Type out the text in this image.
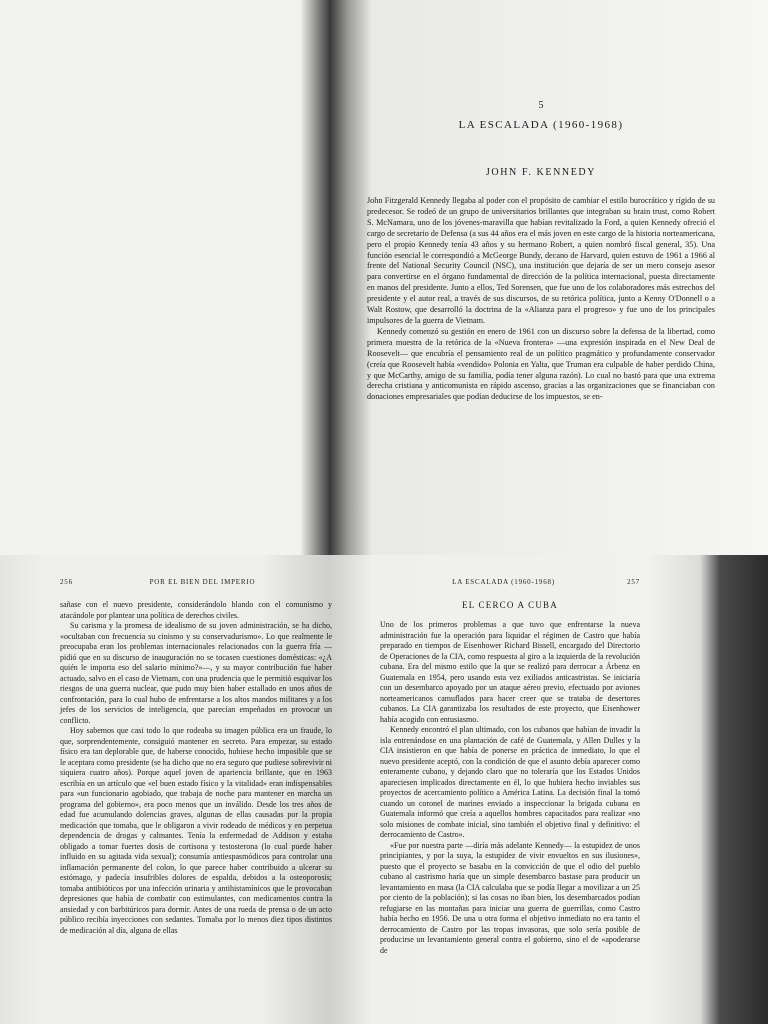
5
LA ESCALADA (1960-1968)
JOHN F. KENNEDY

John Fitzgerald Kennedy llegaba al poder con el propósito de cambiar el estilo burocrático y rígido de su predecesor. Se rodeó de un grupo de universitarios brillantes que integraban su brain trust, como Robert S. McNamara, uno de los jóvenes-maravilla que habían revitalizado la Ford, a quien Kennedy ofreció el cargo de secretario de Defensa (a sus 44 años era el más joven en este cargo de la historia norteamericana, pero el propio Kennedy tenía 43 años y su hermano Robert, a quien nombró fiscal general, 35). Una función esencial le correspondió a McGeorge Bundy, decano de Harvard, quien estuvo de 1961 a 1966 al frente del National Security Council (NSC), una institución que dejaría de ser un mero consejo asesor para convertirse en el órgano fundamental de dirección de la política internacional, puesta directamente en manos del presidente. Junto a ellos, Ted Sorensen, que fue uno de los colaboradores más estrechos del presidente y el autor real, a través de sus discursos, de su retórica política, junto a Kenny O'Donnell o a Walt Rostow, que desarrolló la doctrina de la «Alianza para el progreso» y fue uno de los principales impulsores de la guerra de Vietnam.

Kennedy comenzó su gestión en enero de 1961 con un discurso sobre la defensa de la libertad, como primera muestra de la retórica de la «Nueva frontera» —una expresión inspirada en el New Deal de Roosevelt— que encubría el pensamiento real de un político pragmático y profundamente conservador (creía que Roosevelt había «vendido» Polonia en Yalta, que Truman era culpable de haber perdido China, y que McCarthy, amigo de su familia, podía tener alguna razón). Lo cual no bastó para que una extrema derecha cristiana y anticomunista en rápido ascenso, gracias a las organizaciones que se financiaban con donaciones empresariales que podían deducirse de los impuestos, se en-

256	POR EL BIEN DEL IMPERIO

sañase con el nuevo presidente, considerándolo blando con el comunismo y atacándole por plantear una política de derechos civiles.

Su carisma y la promesa de idealismo de su joven administración, se ha dicho, «ocultaban con frecuencia su cinismo y su conservadurismo». Lo que realmente le preocupaba eran los problemas internacionales relacionados con la guerra fría —pidió que en su discurso de inauguración no se tocasen cuestiones domésticas: «¿A quién le importa eso del salario mínimo?»—, y su mayor contribución fue haber actuado, salvo en el caso de Vietnam, con una prudencia que le permitió esquivar los riesgos de una guerra nuclear, que pudo muy bien haber estallado en unos años de confrontación, para lo cual hubo de enfrentarse a los altos mandos militares y a los jefes de los servicios de inteligencia, que parecían empeñados en provocar un conflicto.

Hoy sabemos que casi todo lo que rodeaba su imagen pública era un fraude, lo que, sorprendentemente, consiguió mantener en secreto. Para empezar, su estado físico era tan deplorable que, de haberse conocido, hubiese hecho imposible que se le aceptara como presidente (se ha dicho que no era seguro que pudiese sobrevivir ni siquiera cuatro años). Porque aquel joven de apariencia brillante, que en 1963 escribía en un artículo que «el buen estado físico y la vitalidad» eran indispensables para «un funcionario agobiado, que trabaja de noche para mantener en marcha un programa del gobierno», era poco menos que un inválido. Desde los tres años de edad fue acumulando dolencias graves, algunas de ellas causadas por la propia medicación que tomaba, que le obligaron a vivir rodeado de médicos y en perpetua dependencia de drogas y calmantes. Tenía la enfermedad de Addison y estaba obligado a tomar fuertes dosis de cortisona y testosterona (lo cual puede haber influido en su agitada vida sexual); consumía antiespasmódicos para controlar una inflamación permanente del colon, lo que parece haber contribuido a ulcerar su estómago, y padecía insufribles dolores de espalda, debidos a la osteoporosis; tomaba antibióticos por una infección urinaria y antihistamínicos que le provocaban depresiones que había de combatir con estimulantes, con medicamentos contra la ansiedad y con barbitúricos para dormir. Antes de una rueda de prensa o de un acto público recibía inyecciones con sedantes. Tomaba por lo menos diez tipos distintos de medicación al día, alguna de ellas

LA ESCALADA (1960-1968)	257
EL CERCO A CUBA

Uno de los primeros problemas a que tuvo que enfrentarse la nueva administración fue la operación para liquidar el régimen de Castro que había preparado en tiempos de Eisenhower Richard Bissell, encargado del Directorio de Operaciones de la CIA, como respuesta al giro a la izquierda de la revolución cubana. Era del mismo estilo que la que se realizó para derrocar a Árbenz en Guatemala en 1954, pero usando esta vez exiliados anticastristas. Se iniciaría con un desembarco apoyado por un ataque aéreo previo, efectuado por aviones norteamericanos camuflados para hacer creer que se trataba de desertores cubanos. La CIA garantizaba los resultados de este proyecto, que Eisenhower había acogido con entusiasmo.

Kennedy encontró el plan ultimado, con los cubanos que habían de invadir la isla entrenándose en una plantación de café de Guatemala, y Allen Dulles y la CIA insistieron en que había de ponerse en práctica de inmediato, lo que el nuevo presidente aceptó, con la condición de que el asunto debía aparecer como enteramente cubano, y dejando claro que no toleraría que los Estados Unidos apareciesen implicados directamente en él, lo que hubiera hecho inviables sus proyectos de acercamiento político a América Latina. La decisión final la tomó cuando un coronel de marines enviado a inspeccionar la brigada cubana en Guatemala informó que creía a aquellos hombres capacitados para realizar «no solo misiones de combate inicial, sino también el objetivo final y definitivo: el derrocamiento de Castro».

«Fue por nuestra parte —diría más adelante Kennedy— la estupidez de unos principiantes, y por la suya, la estupidez de vivir envueltos en sus ilusiones», puesto que el proyecto se basaba en la convicción de que el odio del pueblo cubano al castrismo haría que un simple desembarco bastase para producir un levantamiento en masa (la CIA calculaba que se podía llegar a movilizar a un 25 por ciento de la población); si las cosas no iban bien, los desembarcados podían refugiarse en las montañas para iniciar una guerra de guerrillas, como Castro había hecho en 1956. De una u otra forma el objetivo inmediato no era tanto el derrocamiento de Castro por las tropas invasoras, que solo sería posible de producirse un levantamiento general contra el gobierno, sino el de «apoderarse de
